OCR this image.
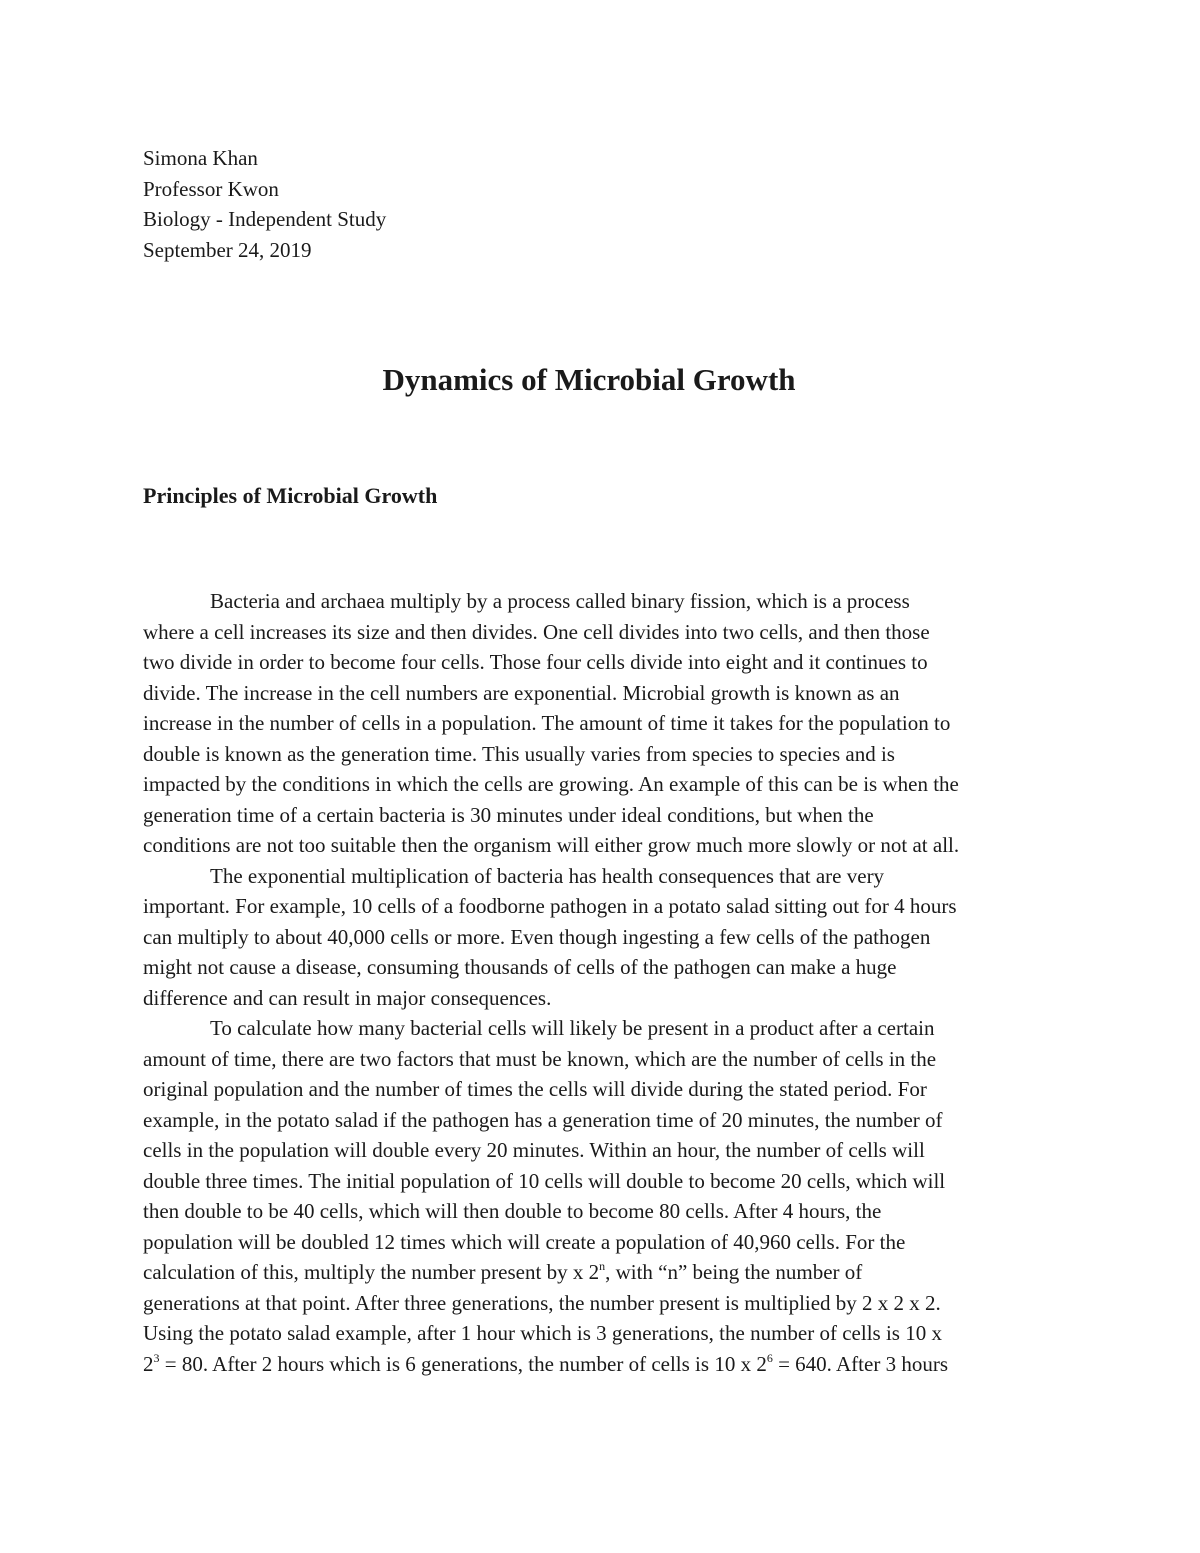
Simona Khan
Professor Kwon
Biology - Independent Study
September 24, 2019
Dynamics of Microbial Growth
Principles of Microbial Growth
Bacteria and archaea multiply by a process called binary fission, which is a process
where a cell increases its size and then divides. One cell divides into two cells, and then those
two divide in order to become four cells. Those four cells divide into eight and it continues to
divide. The increase in the cell numbers are exponential. Microbial growth is known as an
increase in the number of cells in a population. The amount of time it takes for the population to
double is known as the generation time. This usually varies from species to species and is
impacted by the conditions in which the cells are growing. An example of this can be is when the
generation time of a certain bacteria is 30 minutes under ideal conditions, but when the
conditions are not too suitable then the organism will either grow much more slowly or not at all.
The exponential multiplication of bacteria has health consequences that are very
important. For example, 10 cells of a foodborne pathogen in a potato salad sitting out for 4 hours
can multiply to about 40,000 cells or more. Even though ingesting a few cells of the pathogen
might not cause a disease, consuming thousands of cells of the pathogen can make a huge
difference and can result in major consequences.
To calculate how many bacterial cells will likely be present in a product after a certain
amount of time, there are two factors that must be known, which are the number of cells in the
original population and the number of times the cells will divide during the stated period. For
example, in the potato salad if the pathogen has a generation time of 20 minutes, the number of
cells in the population will double every 20 minutes. Within an hour, the number of cells will
double three times. The initial population of 10 cells will double to become 20 cells, which will
then double to be 40 cells, which will then double to become 80 cells. After 4 hours, the
population will be doubled 12 times which will create a population of 40,960 cells. For the
calculation of this, multiply the number present by x 2$^n$, with “n” being the number of
generations at that point. After three generations, the number present is multiplied by 2 x 2 x 2.
Using the potato salad example, after 1 hour which is 3 generations, the number of cells is 10 x
$2^3 = 80$. After 2 hours which is 6 generations, the number of cells is 10 x $2^6 = 640$. After 3 hours
